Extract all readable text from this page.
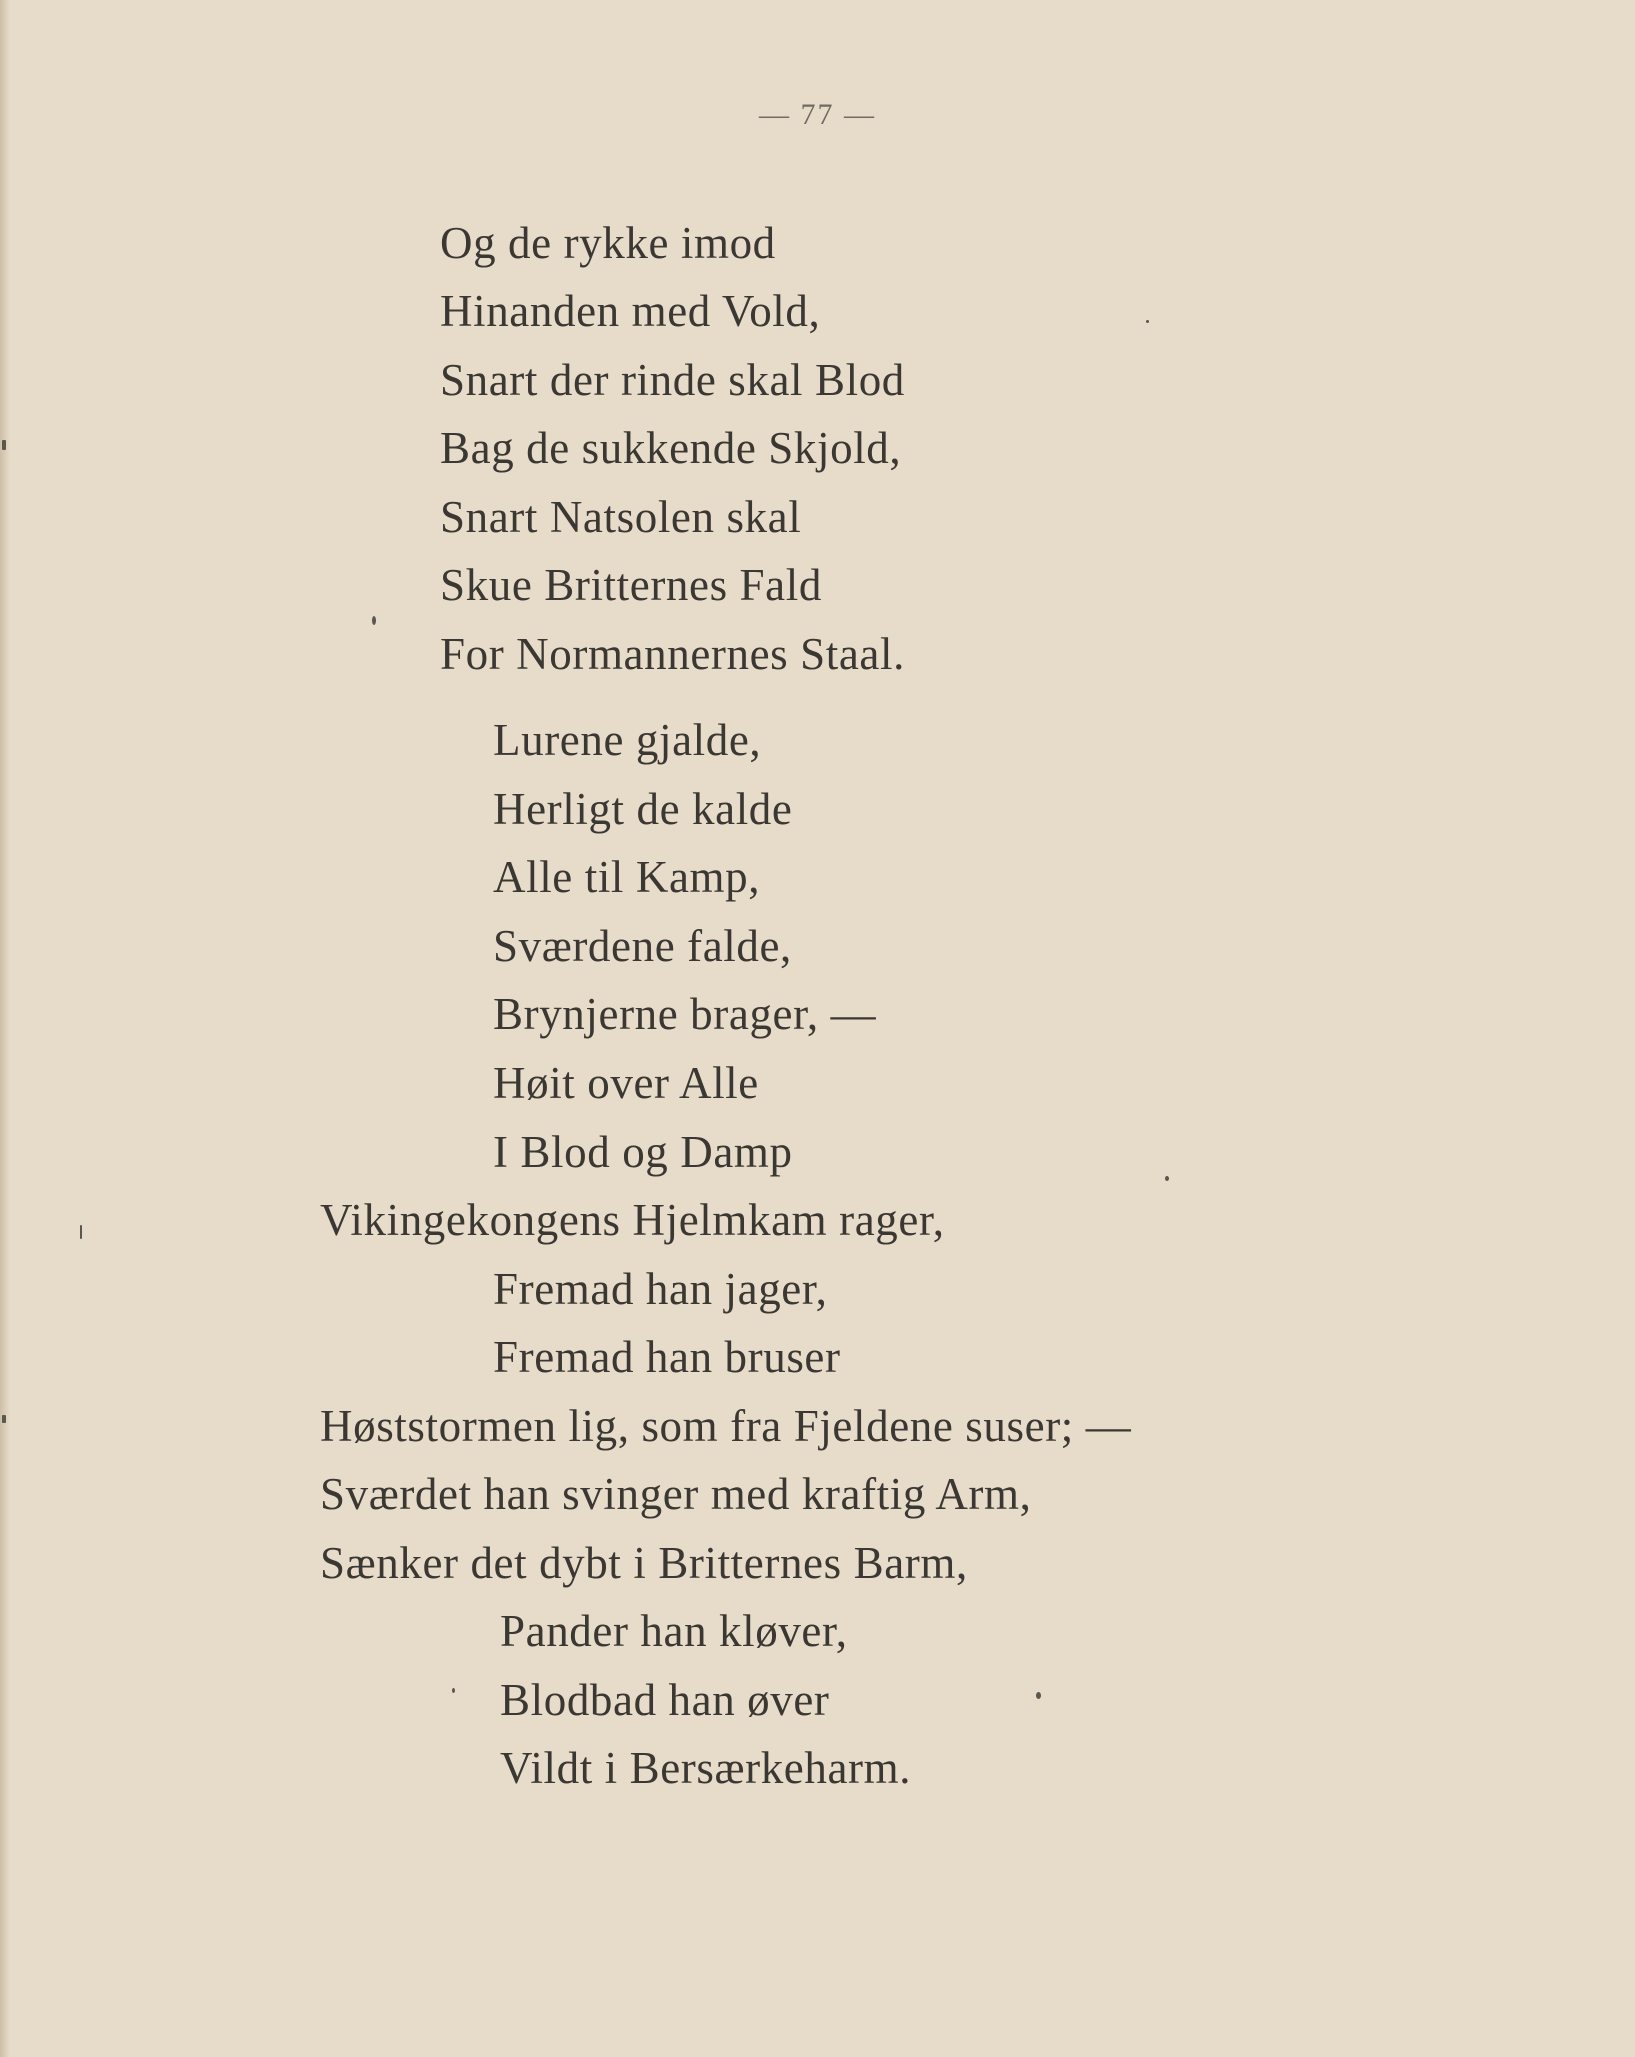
— 77 —
Og de rykke imod
Hinanden med Vold,
Snart der rinde skal Blod
Bag de sukkende Skjold,
Snart Natsolen skal
Skue Britternes Fald
For Normannernes Staal.
Lurene gjalde,
Herligt de kalde
Alle til Kamp,
Sværdene falde,
Brynjerne brager, —
Høit over Alle
I Blod og Damp
Vikingekongens Hjelmkam rager,
Fremad han jager,
Fremad han bruser
Høststormen lig, som fra Fjeldene suser; —
Sværdet han svinger med kraftig Arm,
Sænker det dybt i Britternes Barm,
Pander han kløver,
Blodbad han øver
Vildt i Bersærkeharm.
